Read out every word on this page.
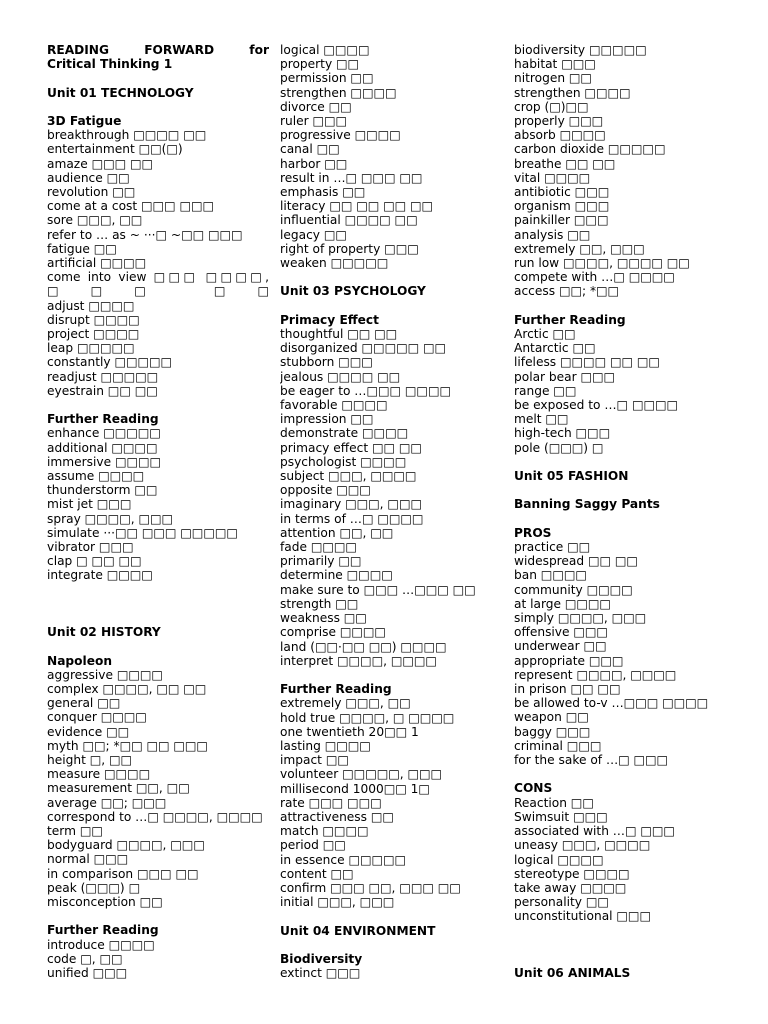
READING FORWARD for
Critical Thinking 1
Unit 01 TECHNOLOGY
3D Fatigue
breakthrough □□□□ □□
entertainment □□(□)
amaze □□□ □□
audience □□
revolution □□
come at a cost □□□ □□□
sore □□□, □□
refer to … as ~ ···□ ~□□ □□□
fatigue □□
artificial □□□□
come into view □□□ □□□□, □□□ □□
adjust □□□□
disrupt □□□□
project □□□□
leap □□□□□
constantly □□□□□
readjust □□□□□
eyestrain □□ □□
Further Reading
enhance □□□□□
additional □□□□
immersive □□□□
assume □□□□
thunderstorm □□
mist jet □□□
spray □□□□, □□□
simulate ···□□ □□□ □□□□□
vibrator □□□
clap □ □□ □□
integrate □□□□
Unit 02 HISTORY
Napoleon
aggressive □□□□
complex □□□□, □□ □□
general □□
conquer □□□□
evidence □□
myth □□; *□□ □□ □□□
height □, □□
measure □□□□
measurement □□, □□
average □□; □□□
correspond to …□ □□□□, □□□□
term □□
bodyguard □□□□, □□□
normal □□□
in comparison □□□ □□
peak (□□□) □
misconception □□
Further Reading
introduce □□□□
code □, □□
unified □□□
logical □□□□
property □□
permission □□
strengthen □□□□
divorce □□
ruler □□□
progressive □□□□
canal □□
harbor □□
result in …□ □□□ □□
emphasis □□
literacy □□ □□ □□ □□
influential □□□□ □□
legacy □□
right of property □□□
weaken □□□□□
Unit 03 PSYCHOLOGY
Primacy Effect
thoughtful □□ □□
disorganized □□□□□ □□
stubborn □□□
jealous □□□□ □□
be eager to …□□□ □□□□
favorable □□□□
impression □□
demonstrate □□□□
primacy effect □□ □□
psychologist □□□□
subject □□□, □□□□
opposite □□□
imaginary □□□, □□□
in terms of …□ □□□□
attention □□, □□
fade □□□□
primarily □□
determine □□□□
make sure to □□□ …□□□ □□
strength □□
weakness □□
comprise □□□□
land (□□·□□ □□) □□□□
interpret □□□□, □□□□
Further Reading
extremely □□□, □□
hold true □□□□, □ □□□□
one twentieth 20□□ 1
lasting □□□□
impact □□
volunteer □□□□□, □□□
millisecond 1000□□ 1□
rate □□□ □□□
attractiveness □□
match □□□□
period □□
in essence □□□□□
content □□
confirm □□□ □□, □□□ □□
initial □□□, □□□
Unit 04 ENVIRONMENT
Biodiversity
extinct □□□
biodiversity □□□□□
habitat □□□
nitrogen □□
strengthen □□□□
crop (□)□□
properly □□□
absorb □□□□
carbon dioxide □□□□□
breathe □□ □□
vital □□□□
antibiotic □□□
organism □□□
painkiller □□□
analysis □□
extremely □□, □□□
run low □□□□, □□□□ □□
compete with …□ □□□□
access □□; *□□
Further Reading
Arctic □□
Antarctic □□
lifeless □□□□ □□ □□
polar bear □□□
range □□
be exposed to …□ □□□□
melt □□
high-tech □□□
pole (□□□) □
Unit 05 FASHION
Banning Saggy Pants
PROS
practice □□
widespread □□ □□
ban □□□□
community □□□□
at large □□□□
simply □□□□, □□□
offensive □□□
underwear □□
appropriate □□□
represent □□□□, □□□□
in prison □□ □□
be allowed to-v …□□□ □□□□
weapon □□
baggy □□□
criminal □□□
for the sake of …□ □□□
CONS
Reaction □□
Swimsuit □□□
associated with …□ □□□
uneasy □□□, □□□□
logical □□□□
stereotype □□□□
take away □□□□
personality □□
unconstitutional □□□
Unit 06 ANIMALS
